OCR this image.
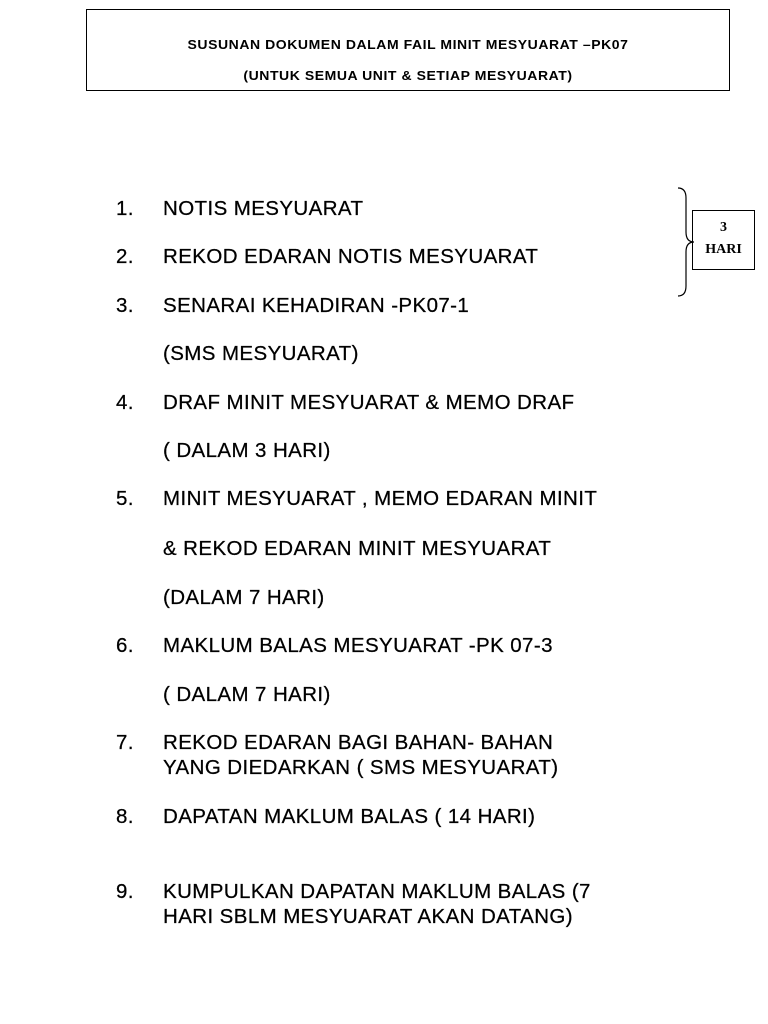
SUSUNAN DOKUMEN DALAM FAIL MINIT MESYUARAT –PK07
(UNTUK SEMUA UNIT & SETIAP MESYUARAT)
1. NOTIS MESYUARAT
2. REKOD EDARAN NOTIS MESYUARAT
3. SENARAI KEHADIRAN -PK07-1
(SMS MESYUARAT)
4. DRAF MINIT MESYUARAT & MEMO DRAF
( DALAM 3 HARI)
5. MINIT MESYUARAT , MEMO EDARAN MINIT
& REKOD EDARAN MINIT MESYUARAT
(DALAM 7 HARI)
6. MAKLUM BALAS MESYUARAT -PK 07-3
( DALAM 7 HARI)
7. REKOD EDARAN BAGI BAHAN- BAHAN
YANG DIEDARKAN ( SMS MESYUARAT)
8. DAPATAN MAKLUM BALAS ( 14 HARI)
9. KUMPULKAN DAPATAN MAKLUM BALAS (7
HARI SBLM MESYUARAT AKAN DATANG)
3
HARI
